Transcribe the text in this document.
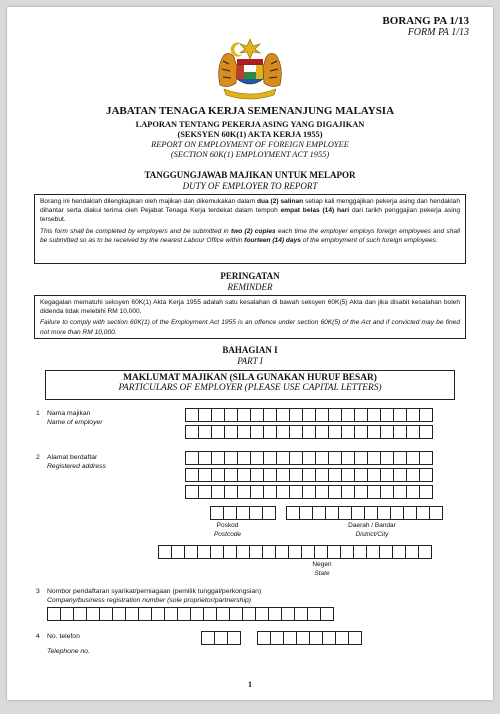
BORANG PA 1/13
FORM PA 1/13
JABATAN TENAGA KERJA SEMENANJUNG MALAYSIA
LAPORAN TENTANG PEKERJA ASING YANG DIGAJIKAN
(SEKSYEN 60K(1) AKTA KERJA 1955)
REPORT ON EMPLOYMENT OF FOREIGN EMPLOYEE
(SECTION 60K(1) EMPLOYMENT ACT 1955)
TANGGUNGJAWAB MAJIKAN UNTUK MELAPOR
DUTY OF EMPLOYER TO REPORT

Borang ini hendaklah dilengkapkan oleh majikan dan dikemukakan dalam dua (2) salinan setiap kali menggajikan pekerja asing dan hendaklah dihantar serta diakui terima oleh Pejabat Tenaga Kerja terdekat dalam tempoh empat belas (14) hari dari tarikh penggajian pekerja asing tersebut.

This form shall be completed by employers and be submitted in two (2) copies each time the employer employs foreign employees and shall be submitted so as to be received by the nearest Labour Office within fourteen (14) days of the employment of such foreign employees.

PERINGATAN
REMINDER

Kegagalan mematuhi seksyen 60K(1) Akta Kerja 1955 adalah satu kesalahan di bawah seksyen 60K(5) Akta dan jika disabit kesalahan boleh didenda tidak melebihi RM 10,000.

Failure to comply with section 60K(1) of the Employment Act 1955 is an offence under section 60K(5) of the Act and if convicted may be fined not more than RM 10,000.

BAHAGIAN I
PART I
MAKLUMAT MAJIKAN (SILA GUNAKAN HURUF BESAR)
PARTICULARS OF EMPLOYER (PLEASE USE CAPITAL LETTERS)
1 Nama majikan
Name of employer
2 Alamat berdaftar
Registered address
Poskod
Postcode
Daerah / Bandar
District/City
Negeri
State
3 Nombor pendaftaran syarikat/perniagaan (pemilik tunggal/perkongsian)
Company/business registration number (sole proprietor/partnership)
4 No. telefon
Telephone no.
1
